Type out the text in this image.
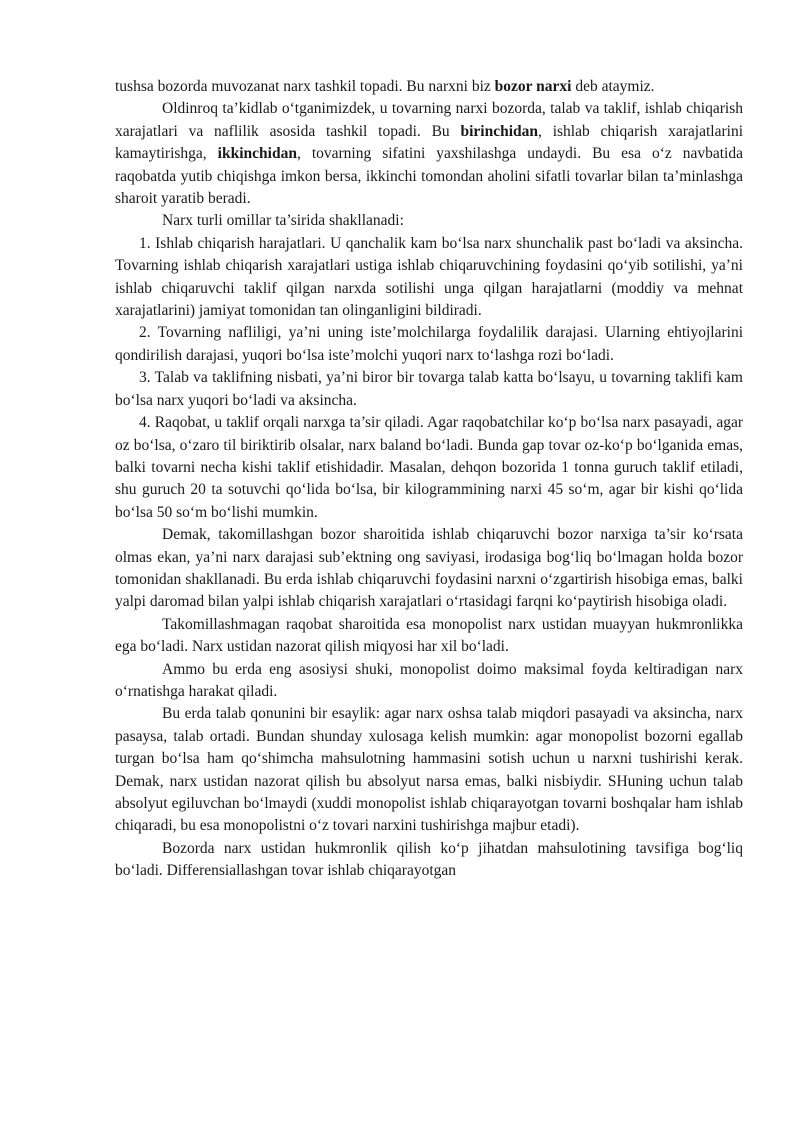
tushsa bozorda muvozanat narx tashkil topadi. Bu narxni biz bozor narxi deb ataymiz.

Oldinroq ta’kidlab o‘tganimizdek, u tovarning narxi bozorda, talab va taklif, ishlab chiqarish xarajatlari va naflilik asosida tashkil topadi. Bu birinchidan, ishlab chiqarish xarajatlarini kamaytirishga, ikkinchidan, tovarning sifatini yaxshilashga undaydi. Bu esa o‘z navbatida raqobatda yutib chiqishga imkon bersa, ikkinchi tomondan aholini sifatli tovarlar bilan ta’minlashga sharoit yaratib beradi.

Narx turli omillar ta’sirida shakllanadi:

1. Ishlab chiqarish harajatlari. U qanchalik kam bo‘lsa narx shunchalik past bo‘ladi va aksincha. Tovarning ishlab chiqarish xarajatlari ustiga ishlab chiqaruvchining foydasini qo‘yib sotilishi, ya’ni ishlab chiqaruvchi taklif qilgan narxda sotilishi unga qilgan harajatlarni (moddiy va mehnat xarajatlarini) jamiyat tomonidan tan olinganligini bildiradi.

2. Tovarning nafliligi, ya’ni uning iste’molchilarga foydalilik darajasi. Ularning ehtiyojlarini qondirilish darajasi, yuqori bo‘lsa iste’molchi yuqori narx to‘lashga rozi bo‘ladi.

3. Talab va taklifning nisbati, ya’ni biror bir tovarga talab katta bo‘lsayu, u tovarning taklifi kam bo‘lsa narx yuqori bo‘ladi va aksincha.

4. Raqobat, u taklif orqali narxga ta’sir qiladi. Agar raqobatchilar ko‘p bo‘lsa narx pasayadi, agar oz bo‘lsa, o‘zaro til biriktirib olsalar, narx baland bo‘ladi. Bunda gap tovar oz-ko‘p bo‘lganida emas, balki tovarni necha kishi taklif etishidadir. Masalan, dehqon bozorida 1 tonna guruch taklif etiladi, shu guruch 20 ta sotuvchi qo‘lida bo‘lsa, bir kilogrammining narxi 45 so‘m, agar bir kishi qo‘lida bo‘lsa 50 so‘m bo‘lishi mumkin.

Demak, takomillashgan bozor sharoitida ishlab chiqaruvchi bozor narxiga ta’sir ko‘rsata olmas ekan, ya’ni narx darajasi sub’ektning ong saviyasi, irodasiga bog‘liq bo‘lmagan holda bozor tomonidan shakllanadi. Bu erda ishlab chiqaruvchi foydasini narxni o‘zgartirish hisobiga emas, balki yalpi daromad bilan yalpi ishlab chiqarish xarajatlari o‘rtasidagi farqni ko‘paytirish hisobiga oladi.

Takomillashmagan raqobat sharoitida esa monopolist narx ustidan muayyan hukmronlikka ega bo‘ladi. Narx ustidan nazorat qilish miqyosi har xil bo‘ladi.

Ammo bu erda eng asosiysi shuki, monopolist doimo maksimal foyda keltiradigan narx o‘rnatishga harakat qiladi.

Bu erda talab qonunini bir esaylik: agar narx oshsa talab miqdori pasayadi va aksincha, narx pasaysa, talab ortadi. Bundan shunday xulosaga kelish mumkin: agar monopolist bozorni egallab turgan bo‘lsa ham qo‘shimcha mahsulotning hammasini sotish uchun u narxni tushirishi kerak. Demak, narx ustidan nazorat qilish bu absolyut narsa emas, balki nisbiydir. SHuning uchun talab absolyut egiluvchan bo‘lmaydi (xuddi monopolist ishlab chiqarayotgan tovarni boshqalar ham ishlab chiqaradi, bu esa monopolistni o‘z tovari narxini tushirishga majbur etadi).

Bozorda narx ustidan hukmronlik qilish ko‘p jihatdan mahsulotining tavsifiga bog‘liq bo‘ladi. Differensiallashgan tovar ishlab chiqarayotgan
